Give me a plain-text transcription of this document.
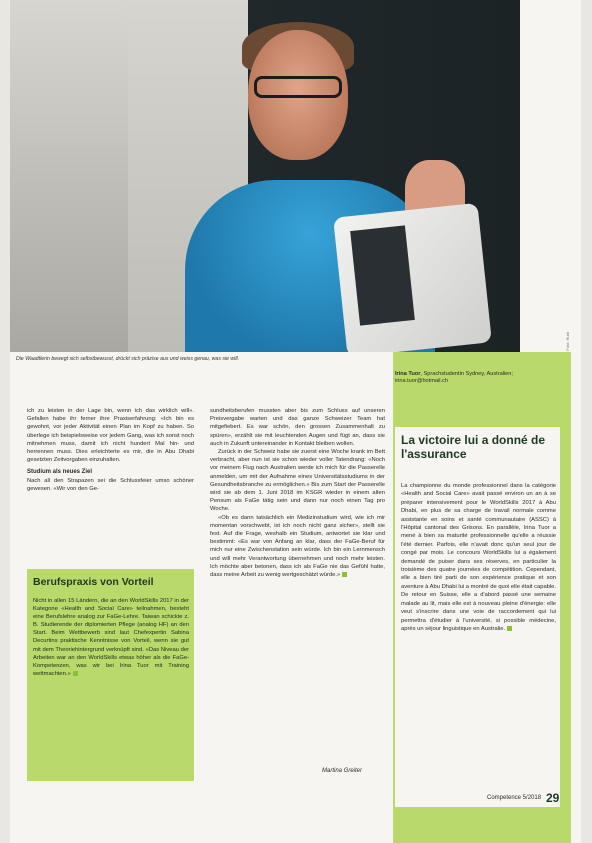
Foto: Ruth
Die Waadtlerin bewegt sich selbstbewusst, drückt sich präzise aus und weiss genau, was sie will.
Irina Tuor, Sprachstudentin Sydney, Australien;
irina.tuor@hotmail.ch
La victoire lui a donné de l'assurance
La championne du monde professionnel dans la catégorie «Health and Social Care» avait passé environ un an à se préparer intensivement pour le WorldSkills 2017 à Abu Dhabi, en plus de sa charge de travail normale comme assistante en soins et santé communautaire (ASSC) à l'Hôpital cantonal des Grisons. En parallèle, Irina Tuor a mené à bien sa maturité professionnelle qu'elle a réussie l'été dernier. Parfois, elle n'avait donc qu'un seul jour de congé par mois. Le concours WorldSkills lui a également demandé de puiser dans ses réserves, en particulier la troisième des quatre journées de compétition. Cependant, elle a bien tiré parti de son expérience pratique et son aventure à Abu Dhabi lui a montré de quoi elle était capable. De retour en Suisse, elle a d'abord passé une semaine malade au lit, mais elle est à nouveau pleine d'énergie: elle veut s'inscrire dans une voie de raccordement qui lui permettra d'étudier à l'université, si possible médecine, après un séjour linguistique en Australie.

ich zu leisten in der Lage bin, wenn ich das wirklich will». Gefallen habe ihr ferner ihre Praxiserfahrung: «Ich bin es gewohnt, vor jeder Aktivität einen Plan im Kopf zu haben. So überlege ich beispielsweise vor jedem Gang, was ich sonst noch mitnehmen muss, damit ich nicht hundert Mal hin- und herrennen muss. Dies erleichterte es mir, die in Abu Dhabi gesetzten Zeitvorgaben einzuhalten.

Studium als neues Ziel

Nach all den Strapazen sei die Schlussfeier umso schöner gewesen. «Wir von den Ge-

Berufspraxis von Vorteil
Nicht in allen 15 Ländern, die an den WorldSkills 2017 in der Kategorie «Health and Social Care» teilnahmen, besteht eine Berufslehre analog zur FaGe-Lehre. Taiwan schickte z. B. Studierende der diplomierten Pflege (analog HF) an den Start. Beim Wettbewerb sind laut Chefexpertin Sabina Decurtins praktische Kenntnisse von Vorteil, wenn sie gut mit dem Theoriehintergrund verknüpft sind. «Das Niveau der Arbeiten war an den WorldSkills etwas höher als die FaGe-Kompetenzen, was wir bei Irina Tuor mit Training wettmachten.»

sundheitsberufen mussten aber bis zum Schluss auf unseren Preisvergabe warten und das ganze Schweizer Team hat mitgefiebert. Es war schön, den grossen Zusammenhalt zu spüren», erzählt sie mit leuchtenden Augen und fügt an, dass sie auch in Zukunft untereinander in Kontakt bleiben wollen.

Zurück in der Schweiz habe sie zuerst eine Woche krank im Bett verbracht, aber nun ist sie schon wieder voller Tatendrang: «Noch vor meinem Flug nach Australien werde ich mich für die Passerelle anmelden, um mit der Aufnahme eines Universitätsstudiums in der Gesundheitsbranche zu ermöglichen.» Bis zum Start der Passerelle wird sie ab dem 1. Juni 2018 im KSGR wieder in einem alten Pensum als FaGe tätig sein und dann nur noch einen Tag pro Woche.

«Ob es dann tatsächlich ein Medizinstudium wird, wie ich mir momentan vorschwebt, ist ich noch nicht ganz sicher», stellt sie fest. Auf die Frage, weshalb ein Studium, antwortet sie klar und bestimmt: «Es war von Anfang an klar, dass der FaGe-Beruf für mich nur eine Zwischenstation sein würde. Ich bin ein Lernmensch und will mehr Verantwortung übernehmen und noch mehr leisten. Ich möchte aber betonen, dass ich als FaGe nie das Gefühl hatte, dass meine Arbeit zu wenig wertgeschätzt würde.»

Martina Greiter
Competence 5/2018 29
